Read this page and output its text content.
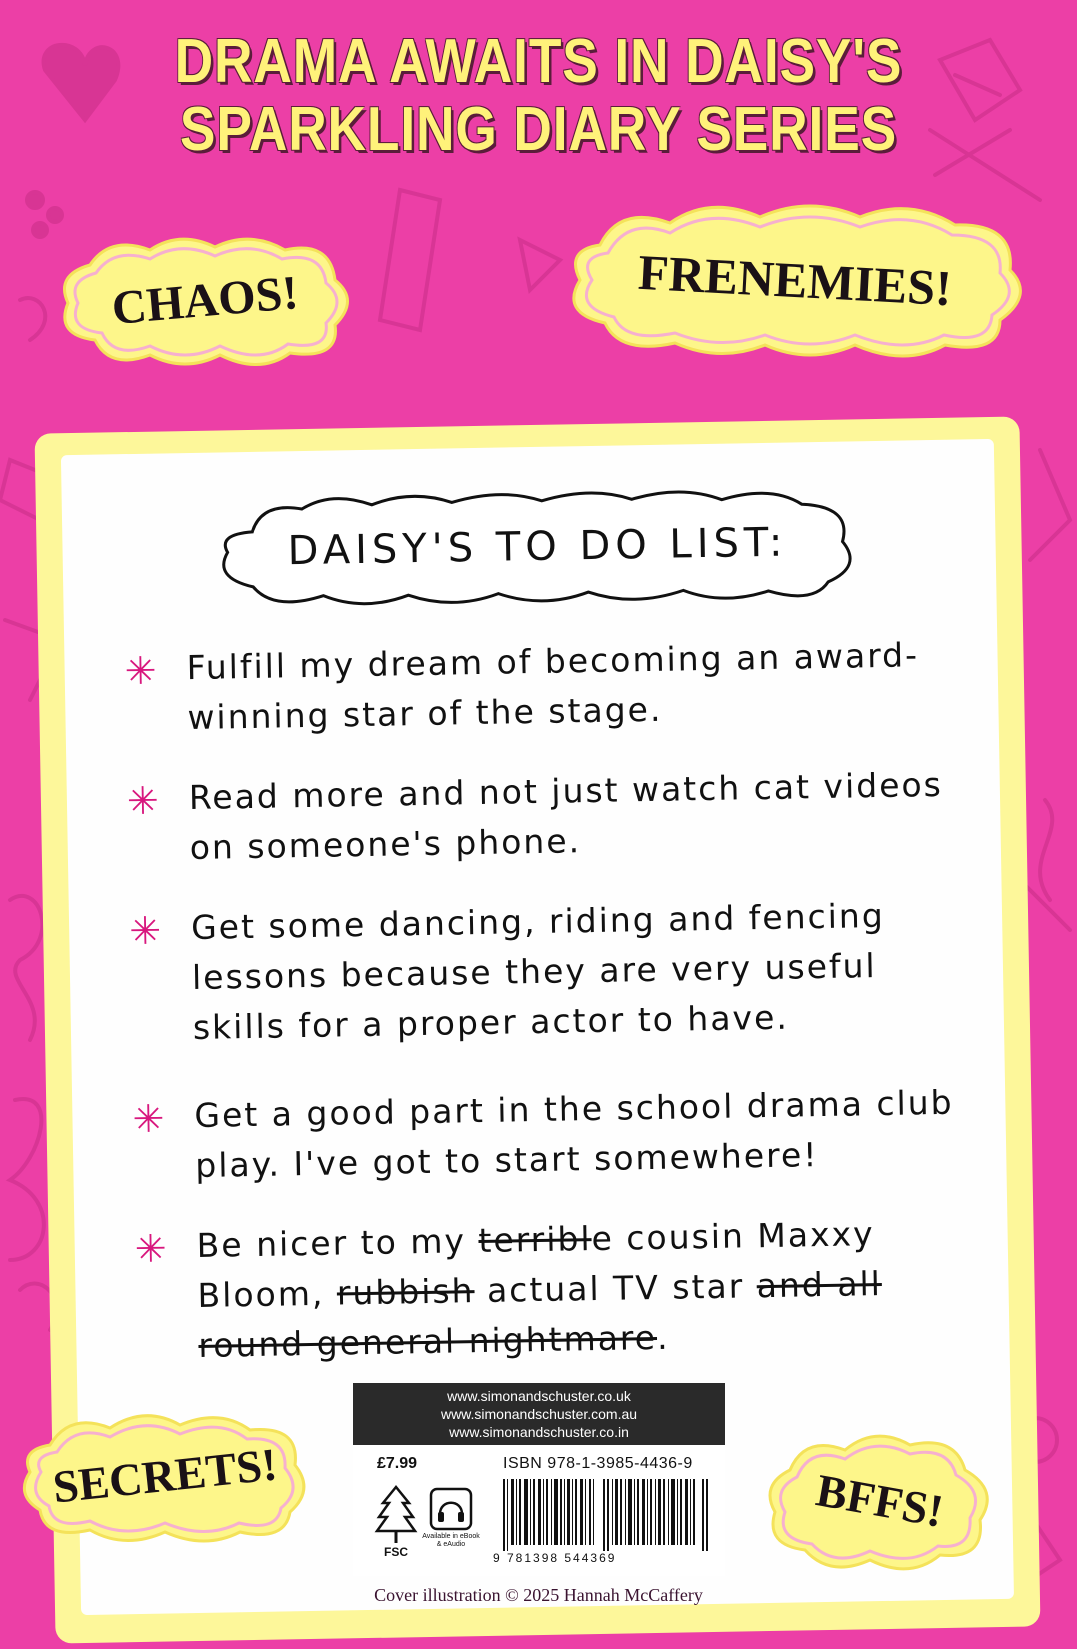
DRAMA AWAITS IN DAISY'S
SPARKLING DIARY SERIES
CHAOS!	FRENEMIES!
DAISY'S TO DO LIST:
✳ Fulfill my dream of becoming an award-winning star of the stage.
✳ Read more and not just watch cat videos on someone's phone.
✳ Get some dancing, riding and fencing lessons because they are very useful skills for a proper actor to have.
✳ Get a good part in the school drama club play. I've got to start somewhere!
✳ Be nicer to my terrible cousin Maxxy Bloom, rubbish actual TV star and all round general nightmare.
SECRETS!	BFFS!
www.simonandschuster.co.uk
www.simonandschuster.com.au
www.simonandschuster.co.in
£7.99	ISBN 978-1-3985-4436-9
FSC
Available in eBook & eAudio
9 781398 544369
Cover illustration © 2025 Hannah McCaffery
